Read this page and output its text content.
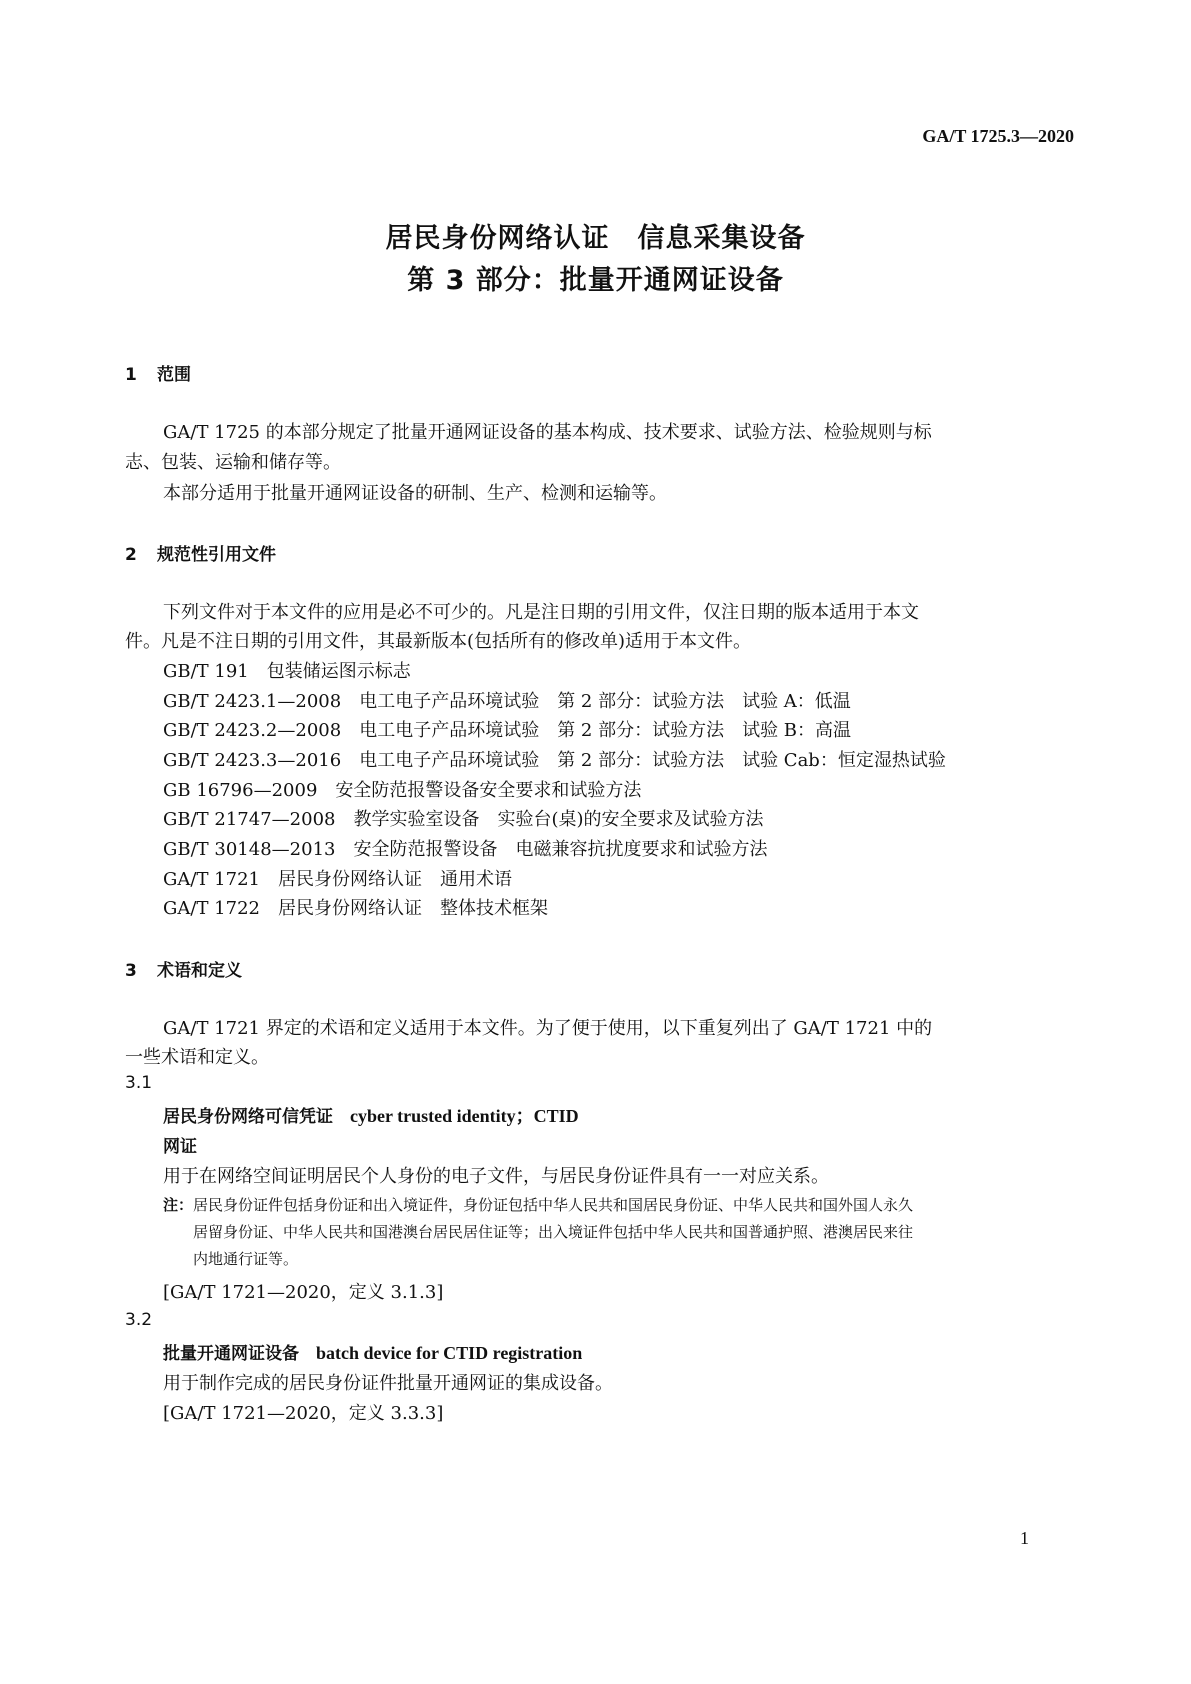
GA/T 1725.3—2020
居民身份网络认证　信息采集设备
第 3 部分：批量开通网证设备
1 范围
GA/T 1725 的本部分规定了批量开通网证设备的基本构成、技术要求、试验方法、检验规则与标
志、包装、运输和储存等。
本部分适用于批量开通网证设备的研制、生产、检测和运输等。
2 规范性引用文件
下列文件对于本文件的应用是必不可少的。凡是注日期的引用文件，仅注日期的版本适用于本文
件。凡是不注日期的引用文件，其最新版本(包括所有的修改单)适用于本文件。
GB/T 191　包装储运图示标志
GB/T 2423.1—2008　电工电子产品环境试验　第 2 部分：试验方法　试验 A：低温
GB/T 2423.2—2008　电工电子产品环境试验　第 2 部分：试验方法　试验 B：高温
GB/T 2423.3—2016　电工电子产品环境试验　第 2 部分：试验方法　试验 Cab：恒定湿热试验
GB 16796—2009　安全防范报警设备安全要求和试验方法
GB/T 21747—2008　教学实验室设备　实验台(桌)的安全要求及试验方法
GB/T 30148—2013　安全防范报警设备　电磁兼容抗扰度要求和试验方法
GA/T 1721　居民身份网络认证　通用术语
GA/T 1722　居民身份网络认证　整体技术框架
3 术语和定义
GA/T 1721 界定的术语和定义适用于本文件。为了便于使用，以下重复列出了 GA/T 1721 中的
一些术语和定义。
3.1
居民身份网络可信凭证　 cyber trusted identity；CTID
网证
用于在网络空间证明居民个人身份的电子文件，与居民身份证件具有一一对应关系。
注：居民身份证件包括身份证和出入境证件，身份证包括中华人民共和国居民身份证、中华人民共和国外国人永久
居留身份证、中华人民共和国港澳台居民居住证等；出入境证件包括中华人民共和国普通护照、港澳居民来往
内地通行证等。
[GA/T 1721—2020，定义 3.1.3]
3.2
批量开通网证设备　 batch device for CTID registration
用于制作完成的居民身份证件批量开通网证的集成设备。
[GA/T 1721—2020，定义 3.3.3]
1
